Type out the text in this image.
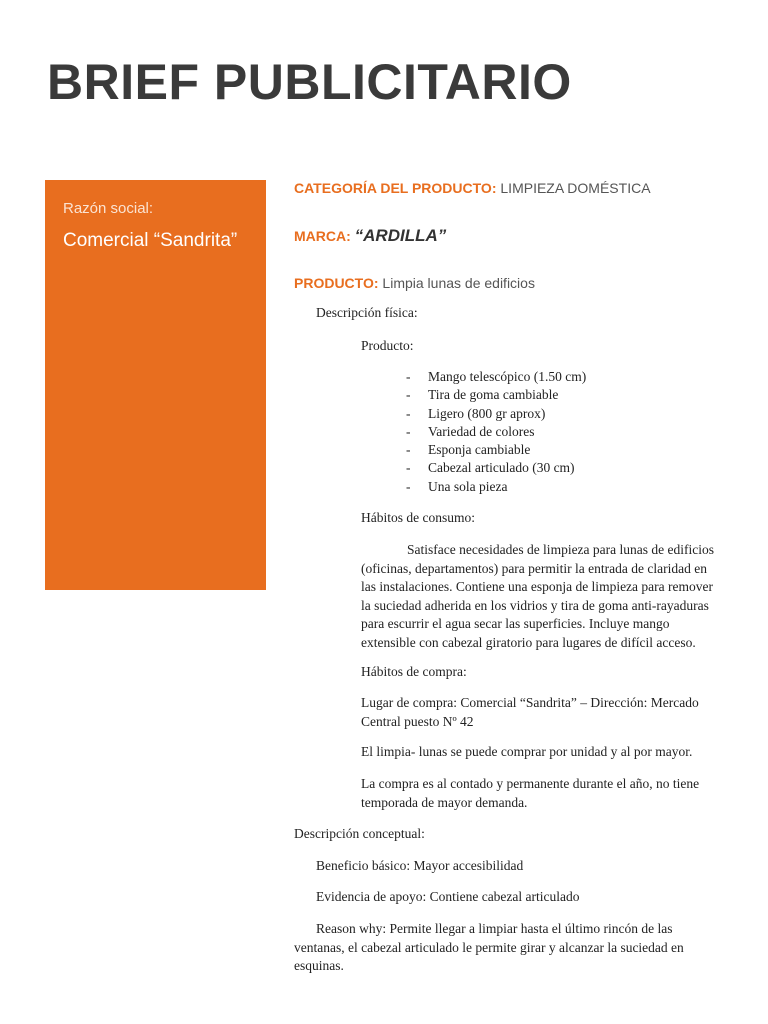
BRIEF PUBLICITARIO
Razón social:
Comercial “Sandrita”
CATEGORÍA DEL PRODUCTO: LIMPIEZA DOMÉSTICA
MARCA: “ARDILLA”
PRODUCTO: Limpia lunas de edificios
Descripción física:
Producto:
- Mango telescópico (1.50 cm)
- Tira de goma cambiable
- Ligero (800 gr aprox)
- Variedad de colores
- Esponja cambiable
- Cabezal articulado (30 cm)
- Una sola pieza
Hábitos de consumo:
Satisface necesidades de limpieza para lunas de edificios
(oficinas, departamentos) para permitir la entrada de claridad en
las instalaciones. Contiene una esponja de limpieza para remover
la suciedad adherida en los vidrios y tira de goma anti-rayaduras
para escurrir el agua secar las superficies. Incluye mango
extensible con cabezal giratorio para lugares de difícil acceso.
Hábitos de compra:
Lugar de compra: Comercial “Sandrita” – Dirección: Mercado
Central puesto Nº 42
El limpia- lunas se puede comprar por unidad y al por mayor.
La compra es al contado y permanente durante el año, no tiene
temporada de mayor demanda.
Descripción conceptual:
Beneficio básico: Mayor accesibilidad
Evidencia de apoyo: Contiene cabezal articulado
Reason why: Permite llegar a limpiar hasta el último rincón de las
ventanas, el cabezal articulado le permite girar y alcanzar la suciedad en
esquinas.
